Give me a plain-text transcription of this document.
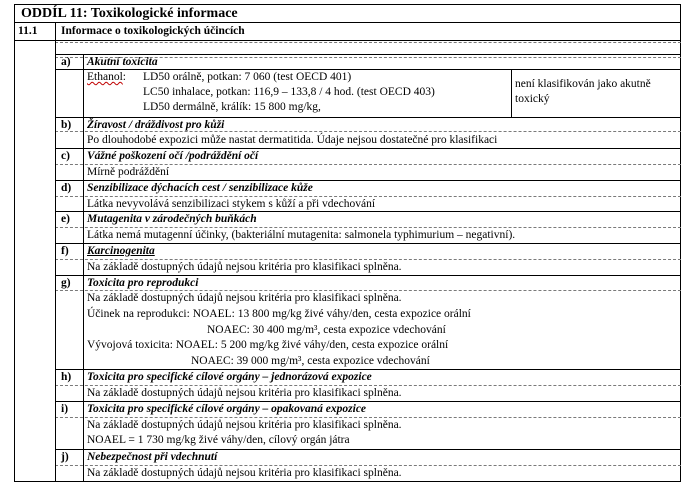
ODDÍL 11: Toxikologické informace
11.1 Informace o toxikologických účincích
a) Akutní toxicita
Ethanol: LD50 orálně, potkan: 7 060 (test OECD 401)
LC50 inhalace, potkan: 116,9 – 133,8 / 4 hod. (test OECD 403)
LD50 dermálně, králík: 15 800 mg/kg,
není klasifikován jako akutně
toxický
b) Žíravost / dráždivost pro kůži
Po dlouhodobé expozici může nastat dermatitida. Údaje nejsou dostatečné pro klasifikaci
c) Vážné poškození očí /podráždění očí
Mírně podráždění
d) Senzibilizace dýchacích cest / senzibilizace kůže
Látka nevyvolává senzibilizaci stykem s kůží a při vdechování
e) Mutagenita v zárodečných buňkách
Látka nemá mutagenní účinky, (bakteriální mutagenita: salmonela typhimurium – negativní).
f) Karcinogenita
Na základě dostupných údajů nejsou kritéria pro klasifikaci splněna.
g) Toxicita pro reprodukci
Na základě dostupných údajů nejsou kritéria pro klasifikaci splněna.
Účinek na reprodukci: NOAEL: 13 800 mg/kg živé váhy/den, cesta expozice orální
NOAEC: 30 400 mg/m³, cesta expozice vdechování
Vývojová toxicita: NOAEL: 5 200 mg/kg živé váhy/den, cesta expozice orální
NOAEC: 39 000 mg/m³, cesta expozice vdechování
h) Toxicita pro specifické cílové orgány – jednorázová expozice
Na základě dostupných údajů nejsou kritéria pro klasifikaci splněna.
i) Toxicita pro specifické cílové orgány – opakovaná expozice
Na základě dostupných údajů nejsou kritéria pro klasifikaci splněna.
NOAEL = 1 730 mg/kg živé váhy/den, cílový orgán játra
j) Nebezpečnost při vdechnutí
Na základě dostupných údajů nejsou kritéria pro klasifikaci splněna.
